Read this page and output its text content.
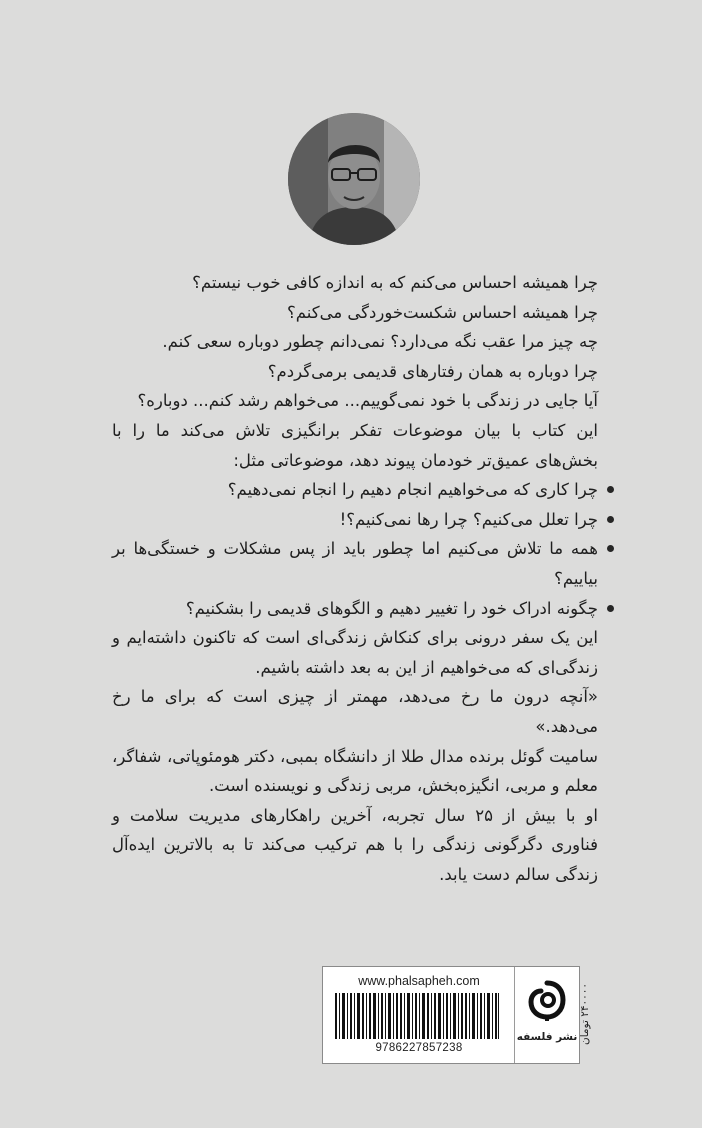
چرا همیشه احساس می‌کنم که به اندازه کافی خوب نیستم؟

چرا همیشه احساس شکست‌خوردگی می‌کنم؟

چه چیز مرا عقب نگه می‌دارد؟ نمی‌دانم چطور دوباره سعی کنم.

چرا دوباره به همان رفتارهای قدیمی برمی‌گردم؟

آیا جایی در زندگی با خود نمی‌گوییم... می‌خواهم رشد کنم... دوباره؟

این کتاب با بیان موضوعات تفکر برانگیزی تلاش می‌کند ما را با بخش‌های عمیق‌تر خودمان پیوند دهد، موضوعاتی مثل:

چرا کاری که می‌خواهیم انجام دهیم را انجام نمی‌دهیم؟
چرا تعلل می‌کنیم؟ چرا رها نمی‌کنیم؟!
همه ما تلاش می‌کنیم اما چطور باید از پس مشکلات و خستگی‌ها بر بیاییم؟
چگونه ادراک خود را تغییر دهیم و الگوهای قدیمی را بشکنیم؟

این یک سفر درونی برای کنکاش زندگی‌ای است که تاکنون داشته‌ایم و زندگی‌ای که می‌خواهیم از این به بعد داشته باشیم.

«آنچه درون ما رخ می‌دهد، مهمتر از چیزی است که برای ما رخ می‌دهد.»

سامیت گوئل برنده مدال طلا از دانشگاه بمبی، دکتر هومئوپاتی، شفاگر، معلم و مربی، انگیزه‌بخش، مربی زندگی و نویسنده است.

او با بیش از ۲۵ سال تجربه، آخرین راهکارهای مدیریت سلامت و فناوری دگرگونی زندگی را با هم ترکیب می‌کند تا به بالاترین ایده‌آل زندگی سالم دست یابد.

www.phalsapheh.com
9786227857238
نشر فلسفه ۲۴۰۰۰۰ تومان
